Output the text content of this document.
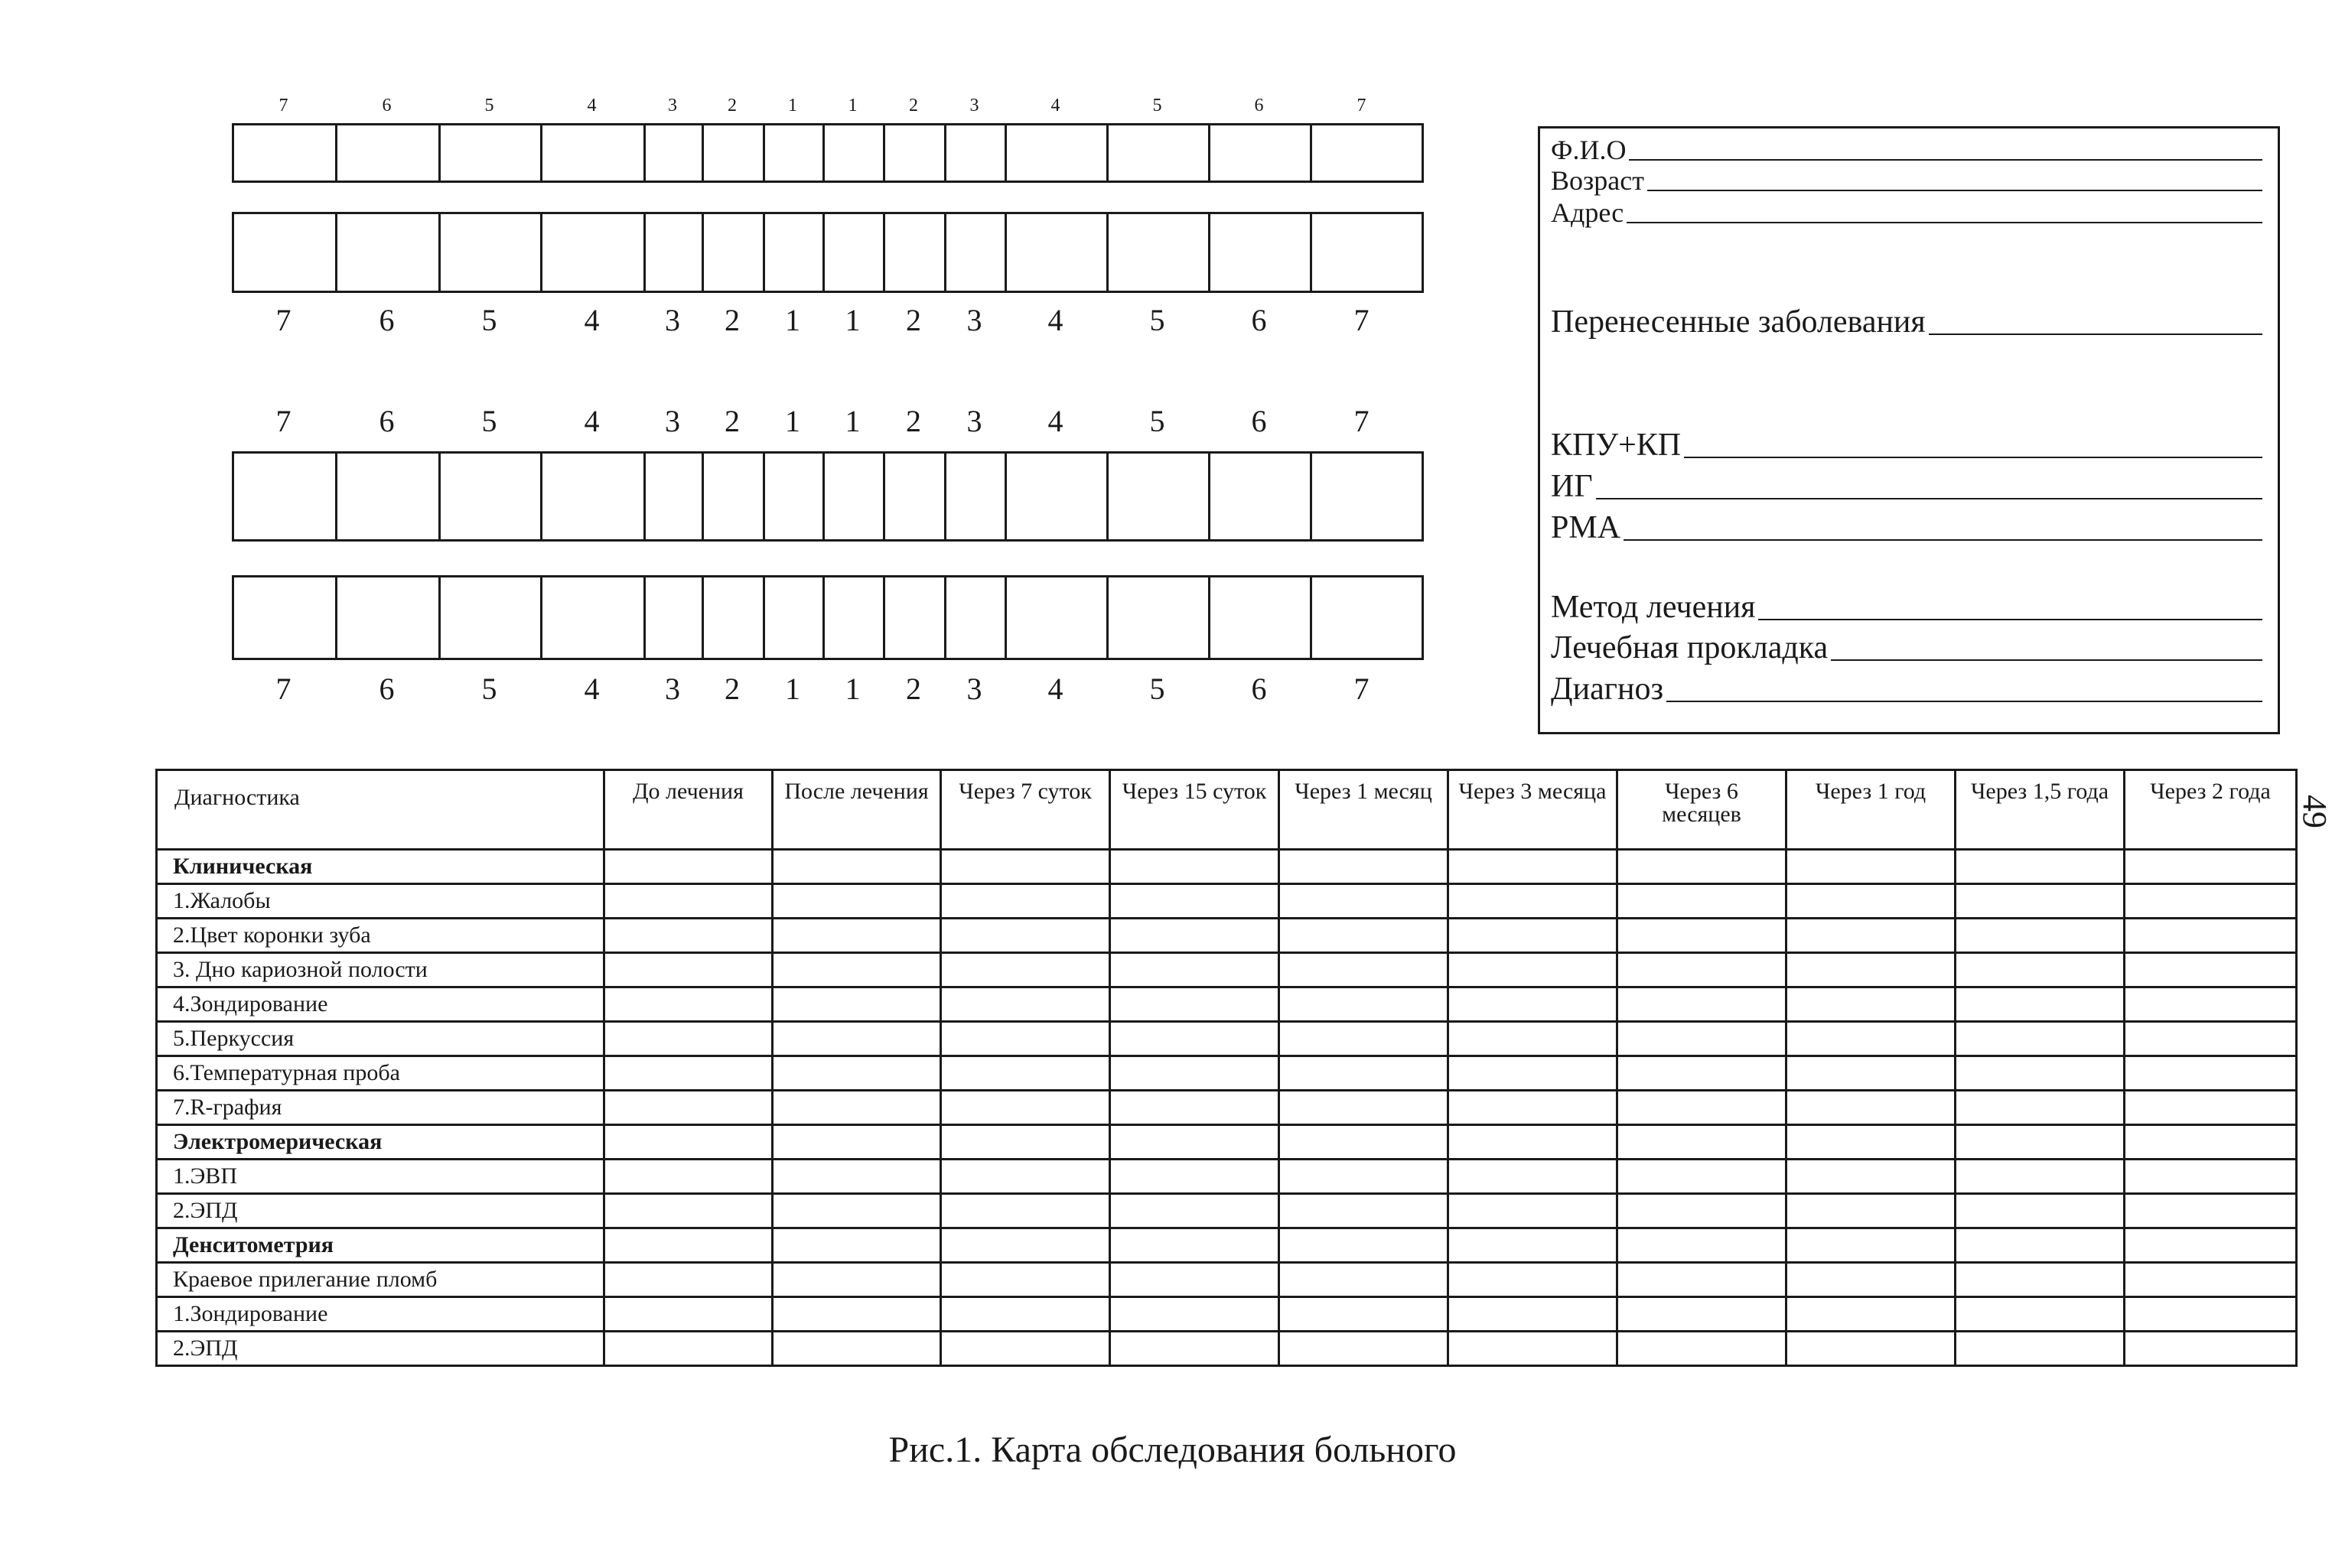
7	6	5	4	3	2	1	1	2	3	4	5	6	7
7	6	5	4	3	2	1	1	2	3	4	5	6	7
7	6	5	4	3	2	1	1	2	3	4	5	6	7
7	6	5	4	3	2	1	1	2	3	4	5	6	7
Ф.И.О
Возраст
Адрес
Перенесенные заболевания
КПУ+КП
ИГ
РМА
Метод лечения
Лечебная прокладка
Диагноз
Диагностика	До лечения	После лечения	Через 7 суток	Через 15 суток	Через 1 месяц	Через 3 месяца	Через 6 месяцев	Через 1 год	Через 1,5 года	Через 2 года
Клиническая										
1.Жалобы										
2.Цвет коронки зуба										
3. Дно кариозной полости										
4.Зондирование										
5.Перкуссия										
6.Температурная проба										
7.R-графия										
Электромерическая										
1.ЭВП										
2.ЭПД										
Денситометрия										
Краевое прилегание пломб										
1.Зондирование										
2.ЭПД										
Рис.1. Карта обследования больного
49
